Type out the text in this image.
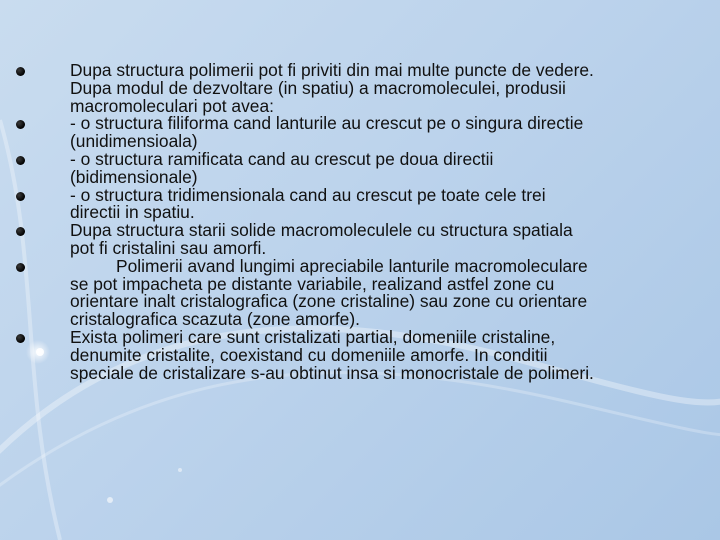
Dupa structura polimerii pot fi priviti din mai multe puncte de vedere.
Dupa modul de dezvoltare (in spatiu) a macromoleculei, produsii
macromoleculari pot avea:
- o structura filiforma cand lanturile au crescut pe o singura directie
(unidimensioala)
- o structura ramificata cand au crescut pe doua directii
(bidimensionale)
- o structura tridimensionala cand au crescut pe toate cele trei
directii in spatiu.
Dupa structura starii solide macromoleculele cu structura spatiala
pot fi cristalini sau amorfi.
Polimerii avand lungimi apreciabile lanturile macromoleculare
se pot impacheta pe distante variabile, realizand astfel zone cu
orientare inalt cristalografica (zone cristaline) sau zone cu orientare
cristalografica scazuta (zone amorfe).
Exista polimeri care sunt cristalizati partial, domeniile cristaline,
denumite cristalite, coexistand cu domeniile amorfe. In conditii
speciale de cristalizare s-au obtinut insa si monocristale de polimeri.
